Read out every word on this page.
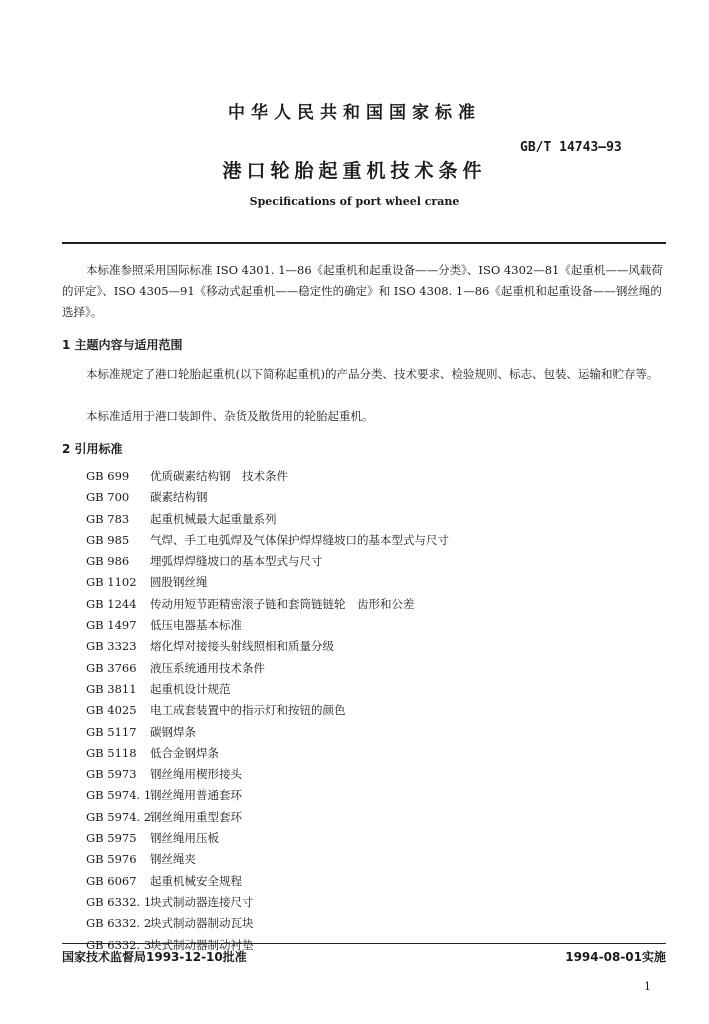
中华人民共和国国家标准
GB/T 14743—93
港口轮胎起重机技术条件
Specifications of port wheel crane
本标准参照采用国际标准 ISO 4301. 1—86《起重机和起重设备——分类》、ISO 4302—81《起重机——风载荷的评定》、ISO 4305—91《移动式起重机——稳定性的确定》和 ISO 4308. 1—86《起重机和起重设备——钢丝绳的选择》。
1 主题内容与适用范围
本标准规定了港口轮胎起重机(以下简称起重机)的产品分类、技术要求、检验规则、标志、包装、运输和贮存等。
本标准适用于港口装卸件、杂货及散货用的轮胎起重机。
2 引用标准
GB 699 优质碳素结构钢　技术条件
GB 700 碳素结构钢
GB 783 起重机械最大起重量系列
GB 985 气焊、手工电弧焊及气体保护焊焊缝坡口的基本型式与尺寸
GB 986 埋弧焊焊缝坡口的基本型式与尺寸
GB 1102 圆股钢丝绳
GB 1244 传动用短节距精密滚子链和套筒链链轮　齿形和公差
GB 1497 低压电器基本标准
GB 3323 熔化焊对接接头射线照相和质量分级
GB 3766 液压系统通用技术条件
GB 3811 起重机设计规范
GB 4025 电工成套装置中的指示灯和按钮的颜色
GB 5117 碳钢焊条
GB 5118 低合金钢焊条
GB 5973 钢丝绳用楔形接头
GB 5974. 1钢丝绳用普通套环
GB 5974. 2钢丝绳用重型套环
GB 5975 钢丝绳用压板
GB 5976 钢丝绳夹
GB 6067 起重机械安全规程
GB 6332. 1块式制动器连接尺寸
GB 6332. 2块式制动器制动瓦块
GB 6332. 3块式制动器制动衬垫
国家技术监督局1993-12-10批准	1994-08-01实施
1
